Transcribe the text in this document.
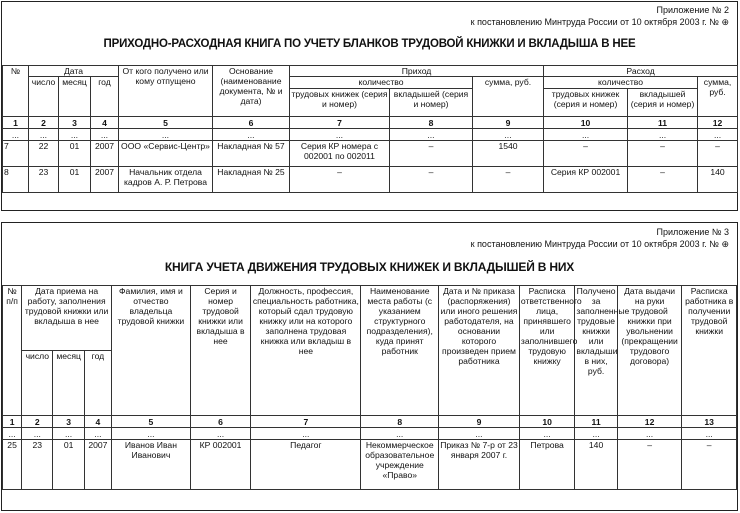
Приложение № 2
к постановлению Минтруда России от 10 октября 2003 г. № ⊕
ПРИХОДНО-РАСХОДНАЯ КНИГА ПО УЧЕТУ БЛАНКОВ ТРУДОВОЙ КНИЖКИ И ВКЛАДЫША В НЕЕ
№	Дата			От кого получено или кому отпущено	Основание (наименование документа, № и дата)	Приход			Расход		
	число	месяц	год			количество		сумма, руб.	количество		сумма, руб.
						трудовых книжек (серия и номер)	вкладышей (серия и номер)		трудовых книжек (серия и номер)	вкладышей (серия и номер)	
1	2	3	4	5	6	7	8	9	10	11	12
...	...	...	...	...	...	...	...	...	...	...	...
7	22	01	2007	ООО «Сервис-Центр»	Накладная № 57	Серия КР номера с 002001 по 002011	–	1540	–	–	–
8	23	01	2007	Начальник отдела кадров А. Р. Петрова	Накладная № 25	–	–	–	Серия КР 002001	–	140
Приложение № 3
к постановлению Минтруда России от 10 октября 2003 г. № ⊕
КНИГА УЧЕТА ДВИЖЕНИЯ ТРУДОВЫХ КНИЖЕК И ВКЛАДЫШЕЙ В НИХ
№ п/п	Дата приема на работу, заполнения трудовой книжки или вкладыша в нее			Фамилия, имя и отчество владельца трудовой книжки	Серия и номер трудовой книжки или вкладыша в нее	Должность, профессия, специальность работника, который сдал трудовую книжку или на которого заполнена трудовая книжка или вкладыш в нее	Наименование места работы (с указанием структурного подразделения), куда принят работник	Дата и № приказа (распоряжения) или иного решения работодателя, на основании которого произведен прием работника	Расписка ответственного лица, принявшего или заполнившего трудовую книжку	Получено за заполненные трудовые книжки или вкладыши в них, руб.	Дата выдачи на руки трудовой книжки при увольнении (прекращении трудового договора)	Расписка работника в получении трудовой книжки
	число	месяц	год									
1	2	3	4	5	6	7	8	9	10	11	12	13
...	...	...	...	...	...	...	...	...	...	...	...	...
25	23	01	2007	Иванов Иван Иванович	КР 002001	Педагог	Некоммерческое образовательное учреждение «Право»	Приказ № 7-р от 23 января 2007 г.	Петрова	140	–	–
